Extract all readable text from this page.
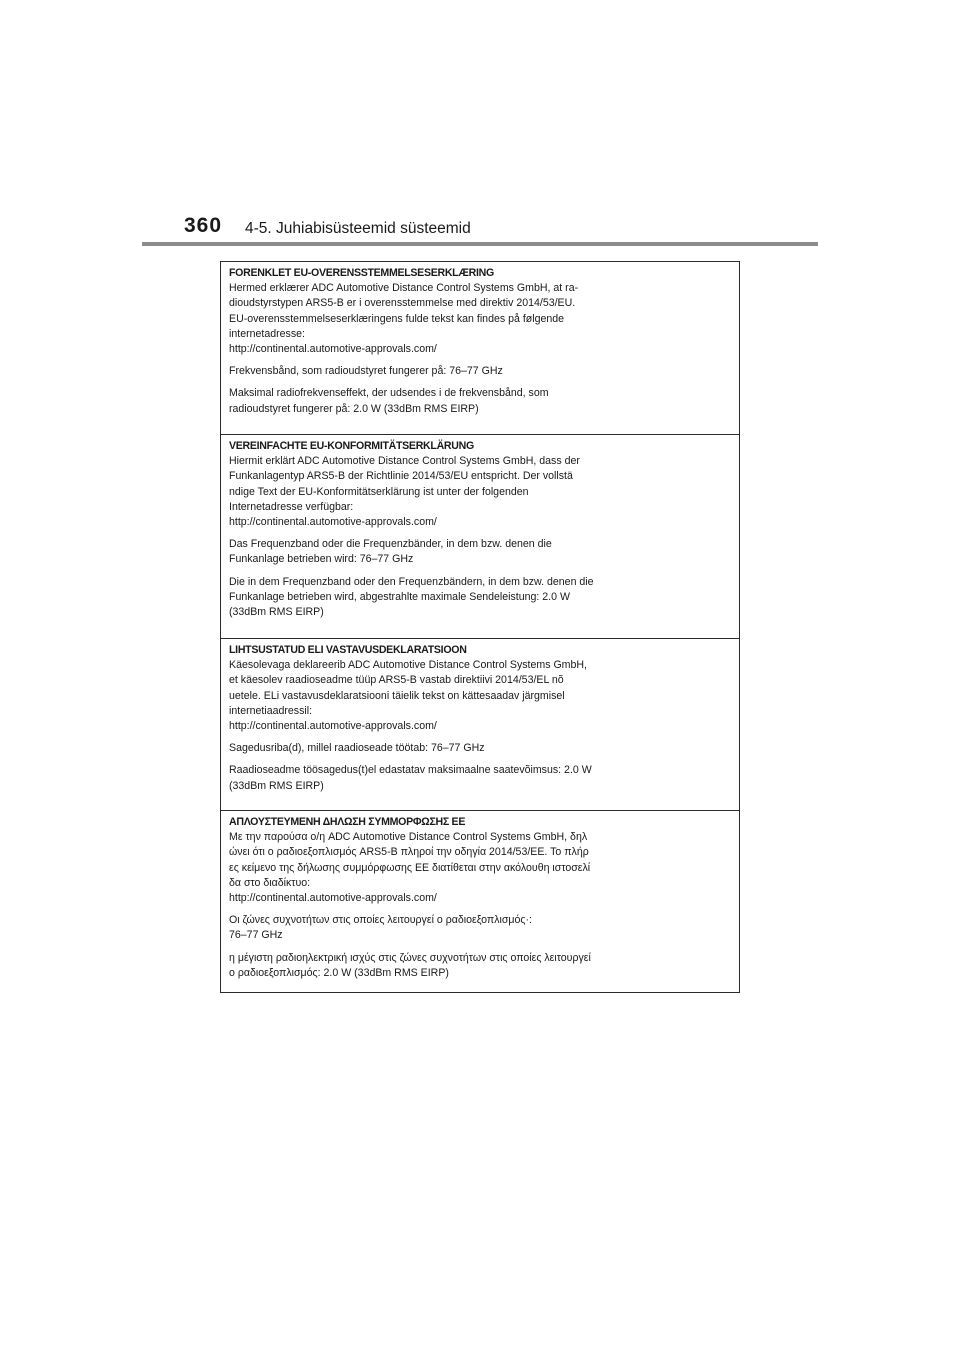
360 4-5. Juhiabisüsteemid süsteemid
FORENKLET EU-OVERENSSTEMMELSESERKLÆRING
Hermed erklærer ADC Automotive Distance Control Systems GmbH, at ra-
dioudstyrstypen ARS5-B er i overensstemmelse med direktiv 2014/53/EU.
EU-overensstemmelseserklæringens fulde tekst kan findes på følgende
internetadresse:
http://continental.automotive-approvals.com/
Frekvensbånd, som radioudstyret fungerer på: 76–77 GHz
Maksimal radiofrekvenseffekt, der udsendes i de frekvensbånd, som
radioudstyret fungerer på: 2.0 W (33dBm RMS EIRP)
VEREINFACHTE EU-KONFORMITÄTSERKLÄRUNG
Hiermit erklärt ADC Automotive Distance Control Systems GmbH, dass der
Funkanlagentyp ARS5-B der Richtlinie 2014/53/EU entspricht. Der vollstä
ndige Text der EU-Konformitätserklärung ist unter der folgenden
Internetadresse verfügbar:
http://continental.automotive-approvals.com/
Das Frequenzband oder die Frequenzbänder, in dem bzw. denen die
Funkanlage betrieben wird: 76–77 GHz
Die in dem Frequenzband oder den Frequenzbändern, in dem bzw. denen die
Funkanlage betrieben wird, abgestrahlte maximale Sendeleistung: 2.0 W
(33dBm RMS EIRP)
LIHTSUSTATUD ELI VASTAVUSDEKLARATSIOON
Käesolevaga deklareerib ADC Automotive Distance Control Systems GmbH,
et käesolev raadioseadme tüüp ARS5-B vastab direktiivi 2014/53/EL nõ
uetele. ELi vastavusdeklaratsiooni täielik tekst on kättesaadav järgmisel
internetiaadressil:
http://continental.automotive-approvals.com/
Sagedusriba(d), millel raadioseade töötab: 76–77 GHz
Raadioseadme töösagedus(t)el edastatav maksimaalne saatevõimsus: 2.0 W
(33dBm RMS EIRP)
ΑΠΛΟΥΣΤΕΥΜΕΝΗ ΔΗΛΩΣΗ ΣΥΜΜΟΡΦΩΣΗΣ ΕΕ
Με την παρούσα ο/η ADC Automotive Distance Control Systems GmbH, δηλ
ώνει ότι ο ραδιοεξοπλισμός ARS5-B πληροί την οδηγία 2014/53/ΕΕ. Το πλήρ
ες κείμενο της δήλωσης συμμόρφωσης ΕΕ διατίθεται στην ακόλουθη ιστοσελί
δα στο διαδίκτυο:
http://continental.automotive-approvals.com/
Οι ζώνες συχνοτήτων στις οποίες λειτουργεί ο ραδιοεξοπλισμός·:
76–77 GHz
η μέγιστη ραδιοηλεκτρική ισχύς στις ζώνες συχνοτήτων στις οποίες λειτουργεί
ο ραδιοεξοπλισμός: 2.0 W (33dBm RMS EIRP)
